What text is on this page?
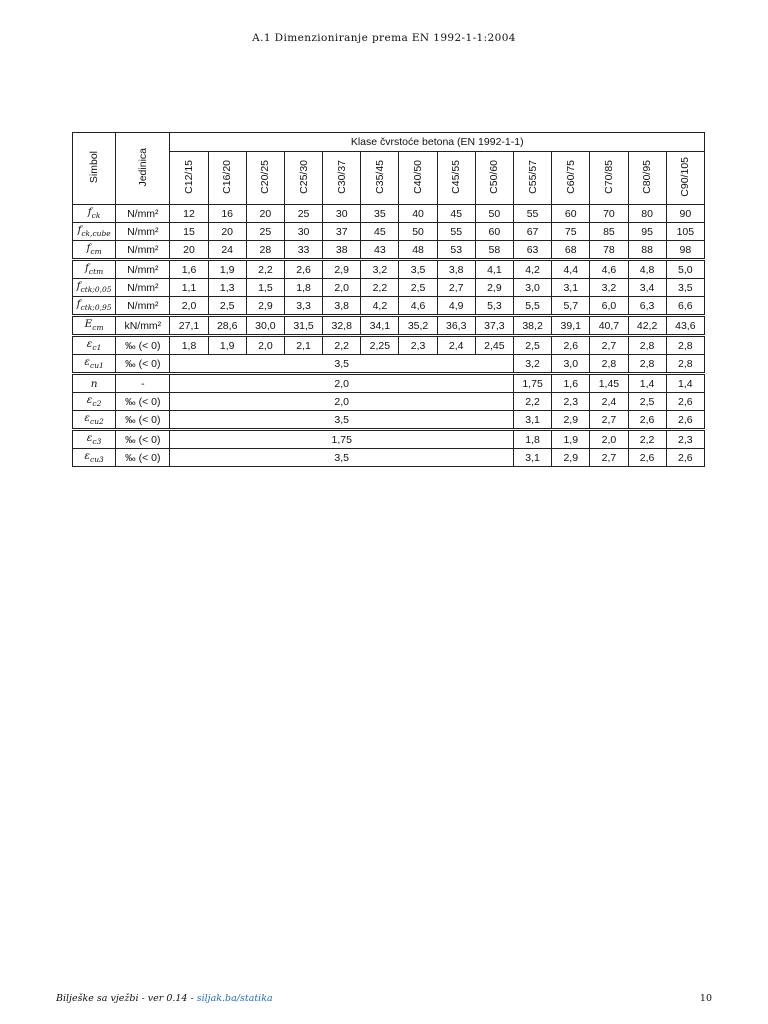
A.1 Dimenzioniranje prema EN 1992-1-1:2004
Simbol	Jedinica	Klase čvrstoće betona (EN 1992-1-1)													
		C12/15	C16/20	C20/25	C25/30	C30/37	C35/45	C40/50	C45/55	C50/60	C55/57	C60/75	C70/85	C80/95	C90/105
$f_{ck}$	N/mm²	12	16	20	25	30	35	40	45	50	55	60	70	80	90
$f_{ck,cube}$	N/mm²	15	20	25	30	37	45	50	55	60	67	75	85	95	105
$f_{cm}$	N/mm²	20	24	28	33	38	43	48	53	58	63	68	78	88	98
$f_{ctm}$	N/mm²	1,6	1,9	2,2	2,6	2,9	3,2	3,5	3,8	4,1	4,2	4,4	4,6	4,8	5,0
$f_{ctk;0,05}$	N/mm²	1,1	1,3	1,5	1,8	2,0	2,2	2,5	2,7	2,9	3,0	3,1	3,2	3,4	3,5
$f_{ctk;0,95}$	N/mm²	2,0	2,5	2,9	3,3	3,8	4,2	4,6	4,9	5,3	5,5	5,7	6,0	6,3	6,6
$E_{cm}$	kN/mm²	27,1	28,6	30,0	31,5	32,8	34,1	35,2	36,3	37,3	38,2	39,1	40,7	42,2	43,6
$\varepsilon_{c1}$	‰ (< 0)	1,8	1,9	2,0	2,1	2,2	2,25	2,3	2,4	2,45	2,5	2,6	2,7	2,8	2,8
$\varepsilon_{cu1}$	‰ (< 0)	3,5									3,2	3,0	2,8	2,8	2,8
n	-	2,0									1,75	1,6	1,45	1,4	1,4
$\varepsilon_{c2}$	‰ (< 0)	2,0									2,2	2,3	2,4	2,5	2,6
$\varepsilon_{cu2}$	‰ (< 0)	3,5									3,1	2,9	2,7	2,6	2,6
$\varepsilon_{c3}$	‰ (< 0)	1,75									1,8	1,9	2,0	2,2	2,3
$\varepsilon_{cu3}$	‰ (< 0)	3,5									3,1	2,9	2,7	2,6	2,6
Bilješke sa vježbi - ver 0.14 - siljak.ba/statika	10
